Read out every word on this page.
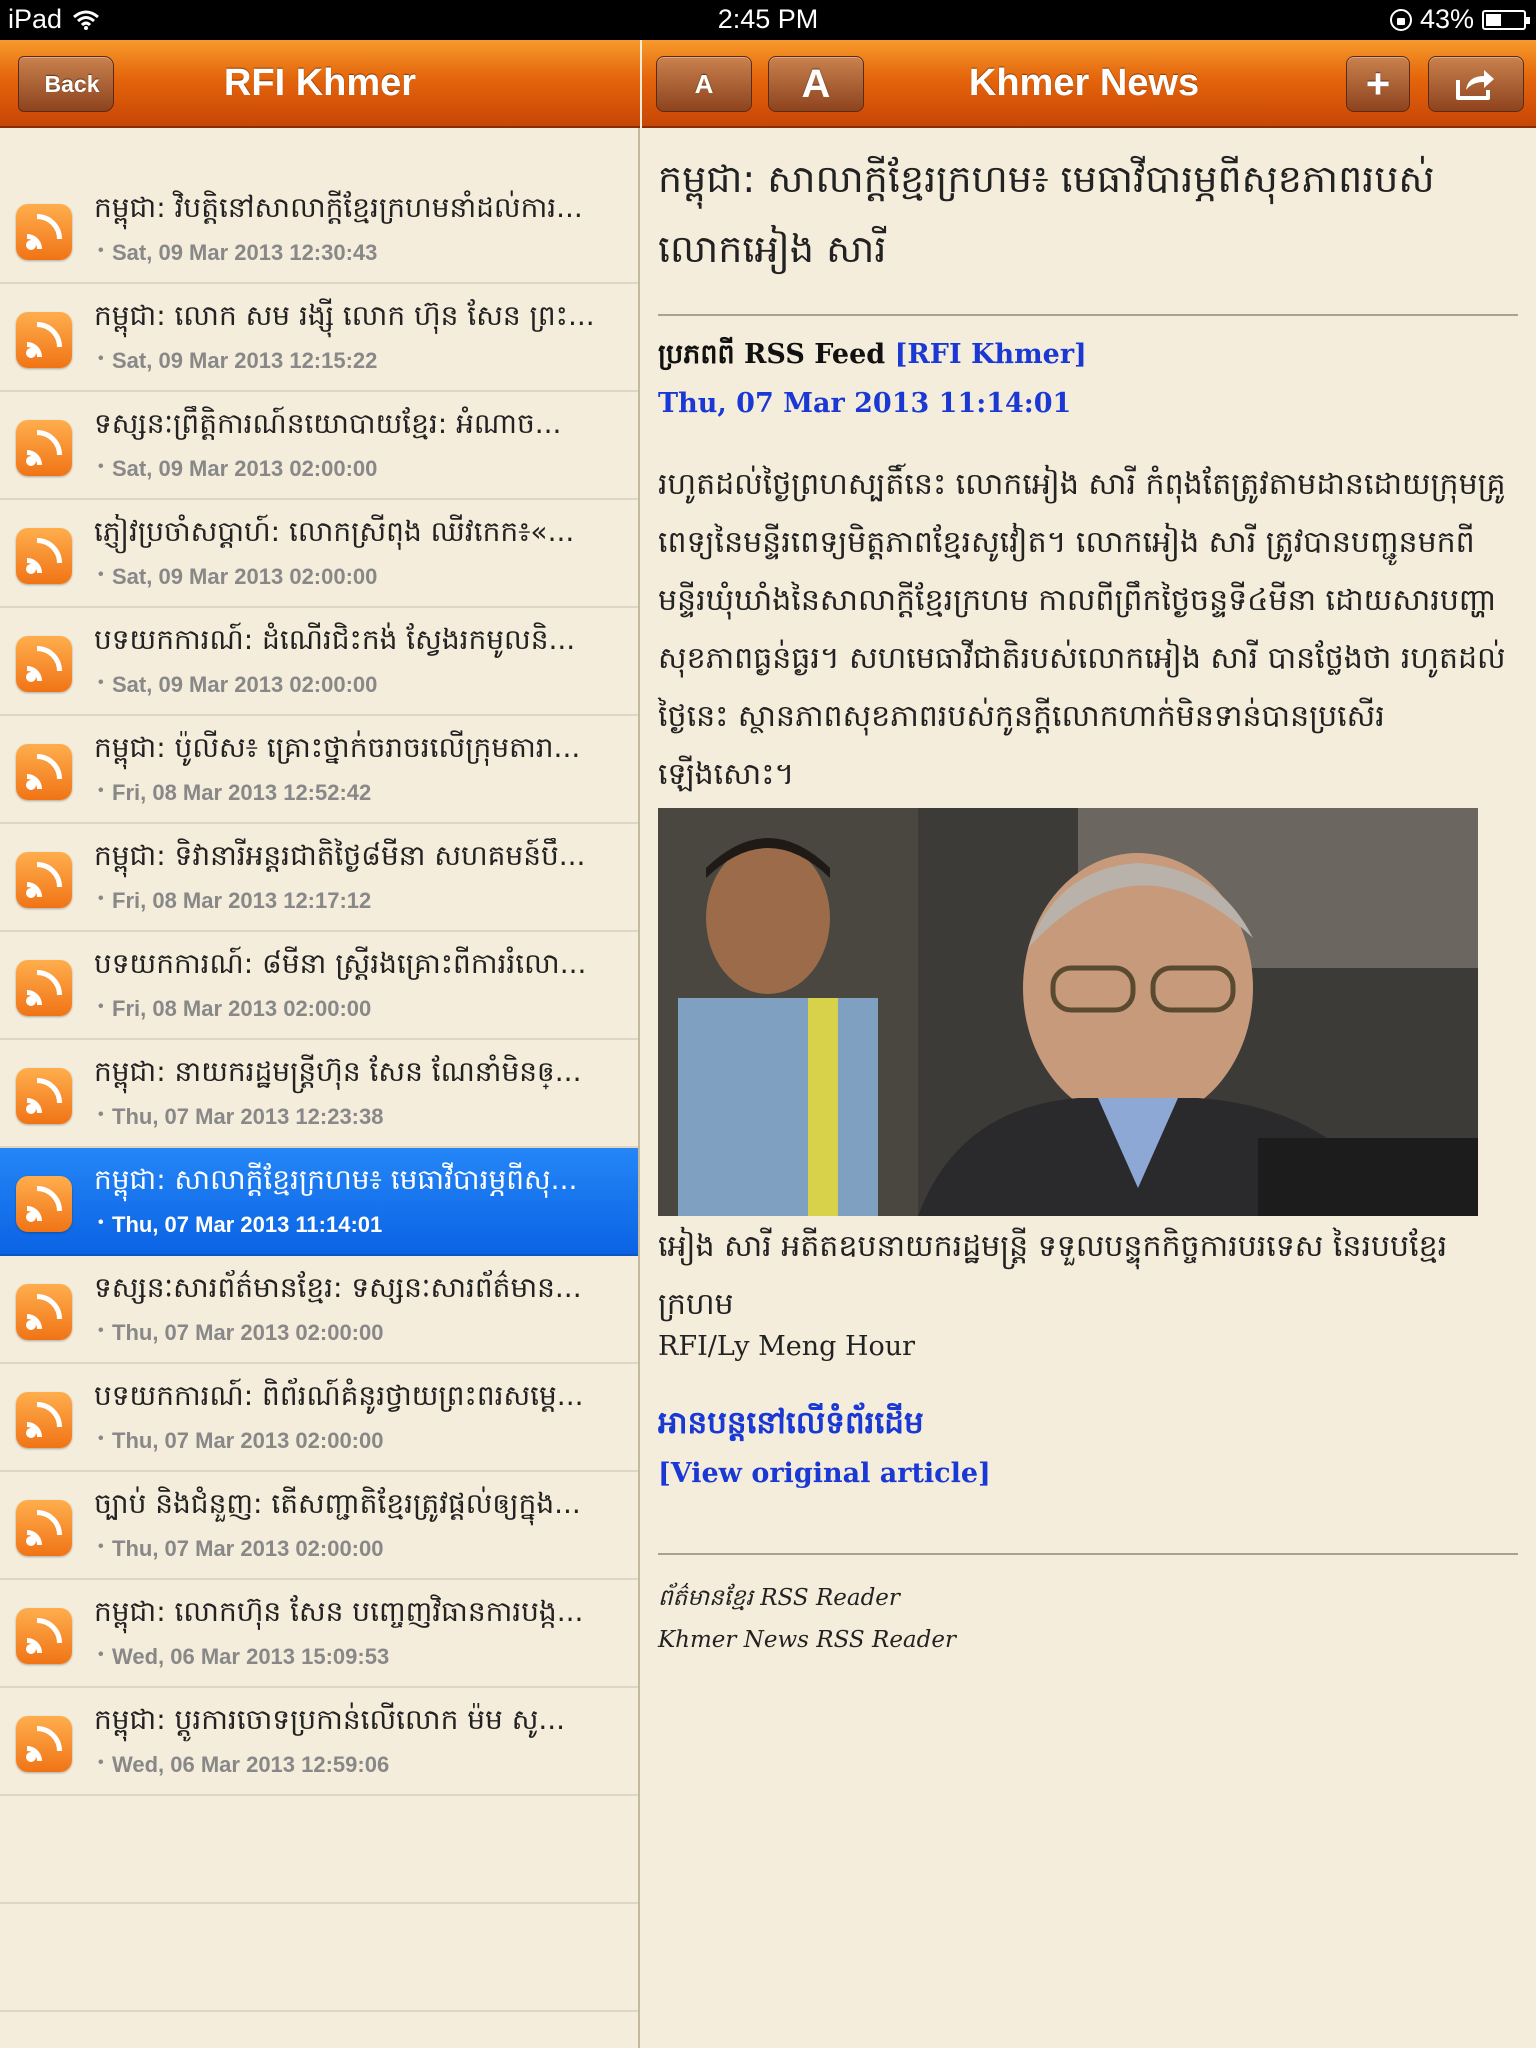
iPad	2:45 PM	43%
Back	RFI Khmer	A	A	Khmer News	+
កម្ពុជា: វិបត្តិនៅសាលាក្ដីខ្មែរក្រហមនាំដល់ការ...
• Sat, 09 Mar 2013 12:30:43
កម្ពុជា: លោក សម រង្ស៊ី លោក ហ៊ុន សែន ព្រះ...
• Sat, 09 Mar 2013 12:15:22
ទស្សនៈព្រឹត្តិការណ៍នយោបាយខ្មែរ: អំណាច...
• Sat, 09 Mar 2013 02:00:00
ភ្ញៀវប្រចាំសប្ដាហ៍: លោកស្រីពុង ឈីវកេក៖«...
• Sat, 09 Mar 2013 02:00:00
បទយកការណ៍: ដំណើរជិះកង់ ស្វែងរកមូលនិ...
• Sat, 09 Mar 2013 02:00:00
កម្ពុជា: ប៉ូលីស៖ គ្រោះថ្នាក់ចរាចរលើក្រុមតារា...
• Fri, 08 Mar 2013 12:52:42
កម្ពុជា: ទិវានារីអន្តរជាតិថ្ងៃ៨មីនា សហគមន៍បឹ...
• Fri, 08 Mar 2013 12:17:12
បទយកការណ៍: ៨មីនា ស្ត្រីរងគ្រោះពីការរំលោ...
• Fri, 08 Mar 2013 02:00:00
កម្ពុជា: នាយករដ្ឋមន្ត្រីហ៊ុន សែន ណែនាំមិនឲ្...
• Thu, 07 Mar 2013 12:23:38
កម្ពុជា: សាលាក្ដីខ្មែរក្រហម៖ មេធាវីបារម្ភពីសុ...
• Thu, 07 Mar 2013 11:14:01
ទស្សនៈសារព័ត៌មានខ្មែរ: ទស្សនៈសារព័ត៌មាន...
• Thu, 07 Mar 2013 02:00:00
បទយកការណ៍: ពិព័រណ៍គំនូរថ្វាយព្រះពរសម្ដេ...
• Thu, 07 Mar 2013 02:00:00
ច្បាប់ និងជំនួញ: តើសញ្ជាតិខ្មែរត្រូវផ្ដល់ឲ្យក្នុង...
• Thu, 07 Mar 2013 02:00:00
កម្ពុជា: លោកហ៊ុន សែន បញ្ចេញវិធានការបង្ក...
• Wed, 06 Mar 2013 15:09:53
កម្ពុជា: ប្ដូរការចោទប្រកាន់លើលោក ម៉ម សូ...
• Wed, 06 Mar 2013 12:59:06
កម្ពុជា: សាលាក្ដីខ្មែរក្រហម៖ មេធាវីបារម្ភពីសុខភាពរបស់លោកអៀង សារី
ប្រភពពី RSS Feed [RFI Khmer]
Thu, 07 Mar 2013 11:14:01
រហូតដល់ថ្ងៃព្រហស្បតិ៍នេះ លោកអៀង សារី កំពុងតែត្រូវតាមដានដោយក្រុមគ្រូពេទ្យនៃមន្ទីរពេទ្យមិត្តភាពខ្មែរសូវៀត។ លោកអៀង សារី ត្រូវបានបញ្ជូនមកពីមន្ទីរឃុំឃាំងនៃសាលាក្ដីខ្មែរក្រហម កាលពីព្រឹកថ្ងៃចន្ទទី៤មីនា ដោយសារបញ្ហាសុខភាពធ្ងន់ធ្ងរ។ សហមេធាវីជាតិរបស់លោកអៀង សារី បានថ្លែងថា រហូតដល់ថ្ងៃនេះ ស្ថានភាពសុខភាពរបស់កូនក្ដីលោកហាក់មិនទាន់បានប្រសើរឡើងសោះ។
អៀង សារី អតីតឧបនាយករដ្ឋមន្ត្រី ទទួលបន្ទុកកិច្ចការបរទេស នៃរបបខ្មែរក្រហម
RFI/Ly Meng Hour
អានបន្តនៅលើទំព័រដើម
[View original article]
ព័ត៌មានខ្មែរ RSS Reader
Khmer News RSS Reader
